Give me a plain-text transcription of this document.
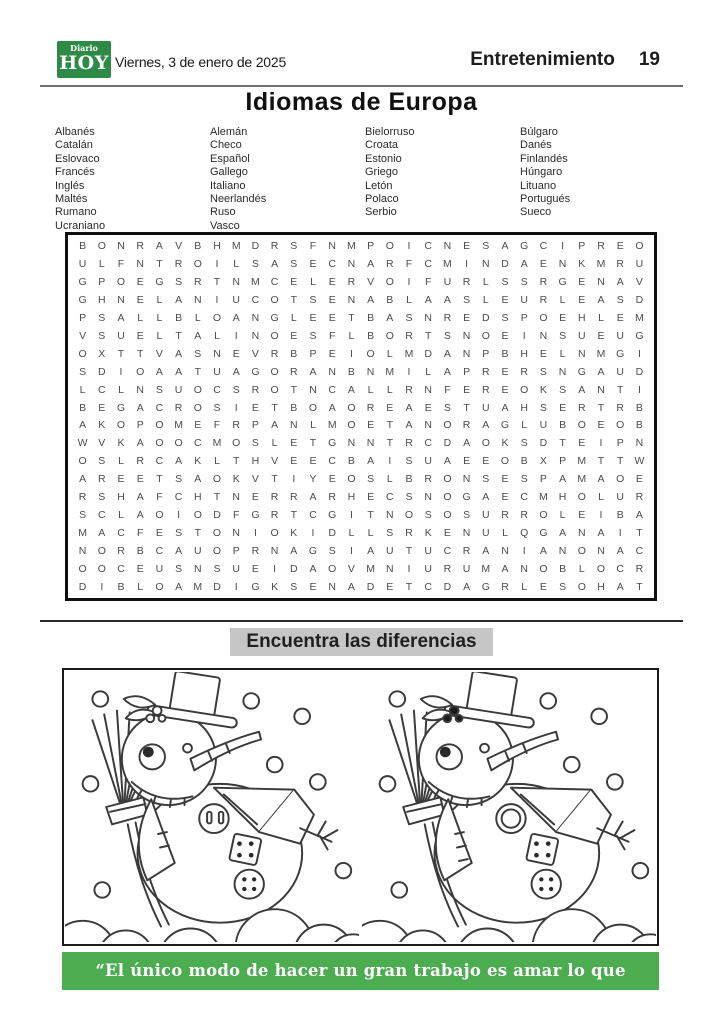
Diario
HOY Viernes, 3 de enero de 2025	Entretenimiento 19
Idiomas de Europa
Albanés
Catalán
Eslovaco
Francés
Inglés
Maltés
Rumano
Ucraniano
Alemán
Checo
Español
Gallego
Italiano
Neerlandés
Ruso
Vasco
Bielorruso
Croata
Estonio
Griego
Letón
Polaco
Serbio
Búlgaro
Danés
Finlandés
Húngaro
Lituano
Portugués
Sueco
B	O	N	R	A	V	B	H	M	D	R	S	F	N	M	P	O	I	C	N	E	S	A	G	C	I	P	R	E	O
U	L	F	N	T	R	O	I	L	S	A	S	E	C	N	A	R	F	C	M	I	N	D	A	E	N	K	M	R	U
G	P	O	E	G	S	R	T	N	M	C	E	L	E	R	V	O	I	F	U	R	L	S	S	R	G	E	N	A	V
G	H	N	E	L	A	N	I	U	C	O	T	S	E	N	A	B	L	A	A	S	L	E	U	R	L	E	A	S	D
P	S	A	L	L	B	L	O	A	N	G	L	E	E	T	B	A	S	N	R	E	D	S	P	O	E	H	L	E	M
V	S	U	E	L	T	A	L	I	N	O	E	S	F	L	B	O	R	T	S	N	O	E	I	N	S	U	E	U	G
O	X	T	T	V	A	S	N	E	V	R	B	P	E	I	O	L	M	D	A	N	P	B	H	E	L	N	M	G	I
S	D	I	O	A	A	T	U	A	G	O	R	A	N	B	N	M	I	L	A	P	R	E	R	S	N	G	A	U	D
L	C	L	N	S	U	O	C	S	R	O	T	N	C	A	L	L	R	N	F	E	R	E	O	K	S	A	N	T	I
B	E	G	A	C	R	O	S	I	E	T	B	O	A	O	R	E	A	E	S	T	U	A	H	S	E	R	T	R	B
A	K	O	P	O	M	E	F	R	P	A	N	L	M	O	E	T	A	N	O	R	A	G	L	U	B	O	E	O	B
W	V	K	A	O	O	C	M	O	S	L	E	T	G	N	N	T	R	C	D	A	O	K	S	D	T	E	I	P	N
O	S	L	R	C	A	K	L	T	H	V	E	E	C	B	A	I	S	U	A	E	E	O	B	X	P	M	T	T	W
A	R	E	E	T	S	A	O	K	V	T	I	Y	E	O	S	L	B	R	O	N	S	E	S	P	A	M	A	O	E
R	S	H	A	F	C	H	T	N	E	R	R	A	R	H	E	C	S	N	O	G	A	E	C	M	H	O	L	U	R
S	C	L	A	O	I	O	D	F	G	R	T	C	G	I	T	N	O	S	O	S	U	R	R	O	L	E	I	B	A
M	A	C	F	E	S	T	O	N	I	O	K	I	D	L	L	S	R	K	E	N	U	L	Q	G	A	N	A	I	T
N	O	R	B	C	A	U	O	P	R	N	A	G	S	I	A	U	T	U	C	R	A	N	I	A	N	O	N	A	C
O	O	C	E	U	S	N	S	U	E	I	D	A	O	V	M	N	I	U	R	U	M	A	N	O	B	L	O	C	R
D	I	B	L	O	A	M	D	I	G	K	S	E	N	A	D	E	T	C	D	A	G	R	L	E	S	O	H	A	T
Encuentra las diferencias
“El único modo de hacer un gran trabajo es amar lo que haces”
